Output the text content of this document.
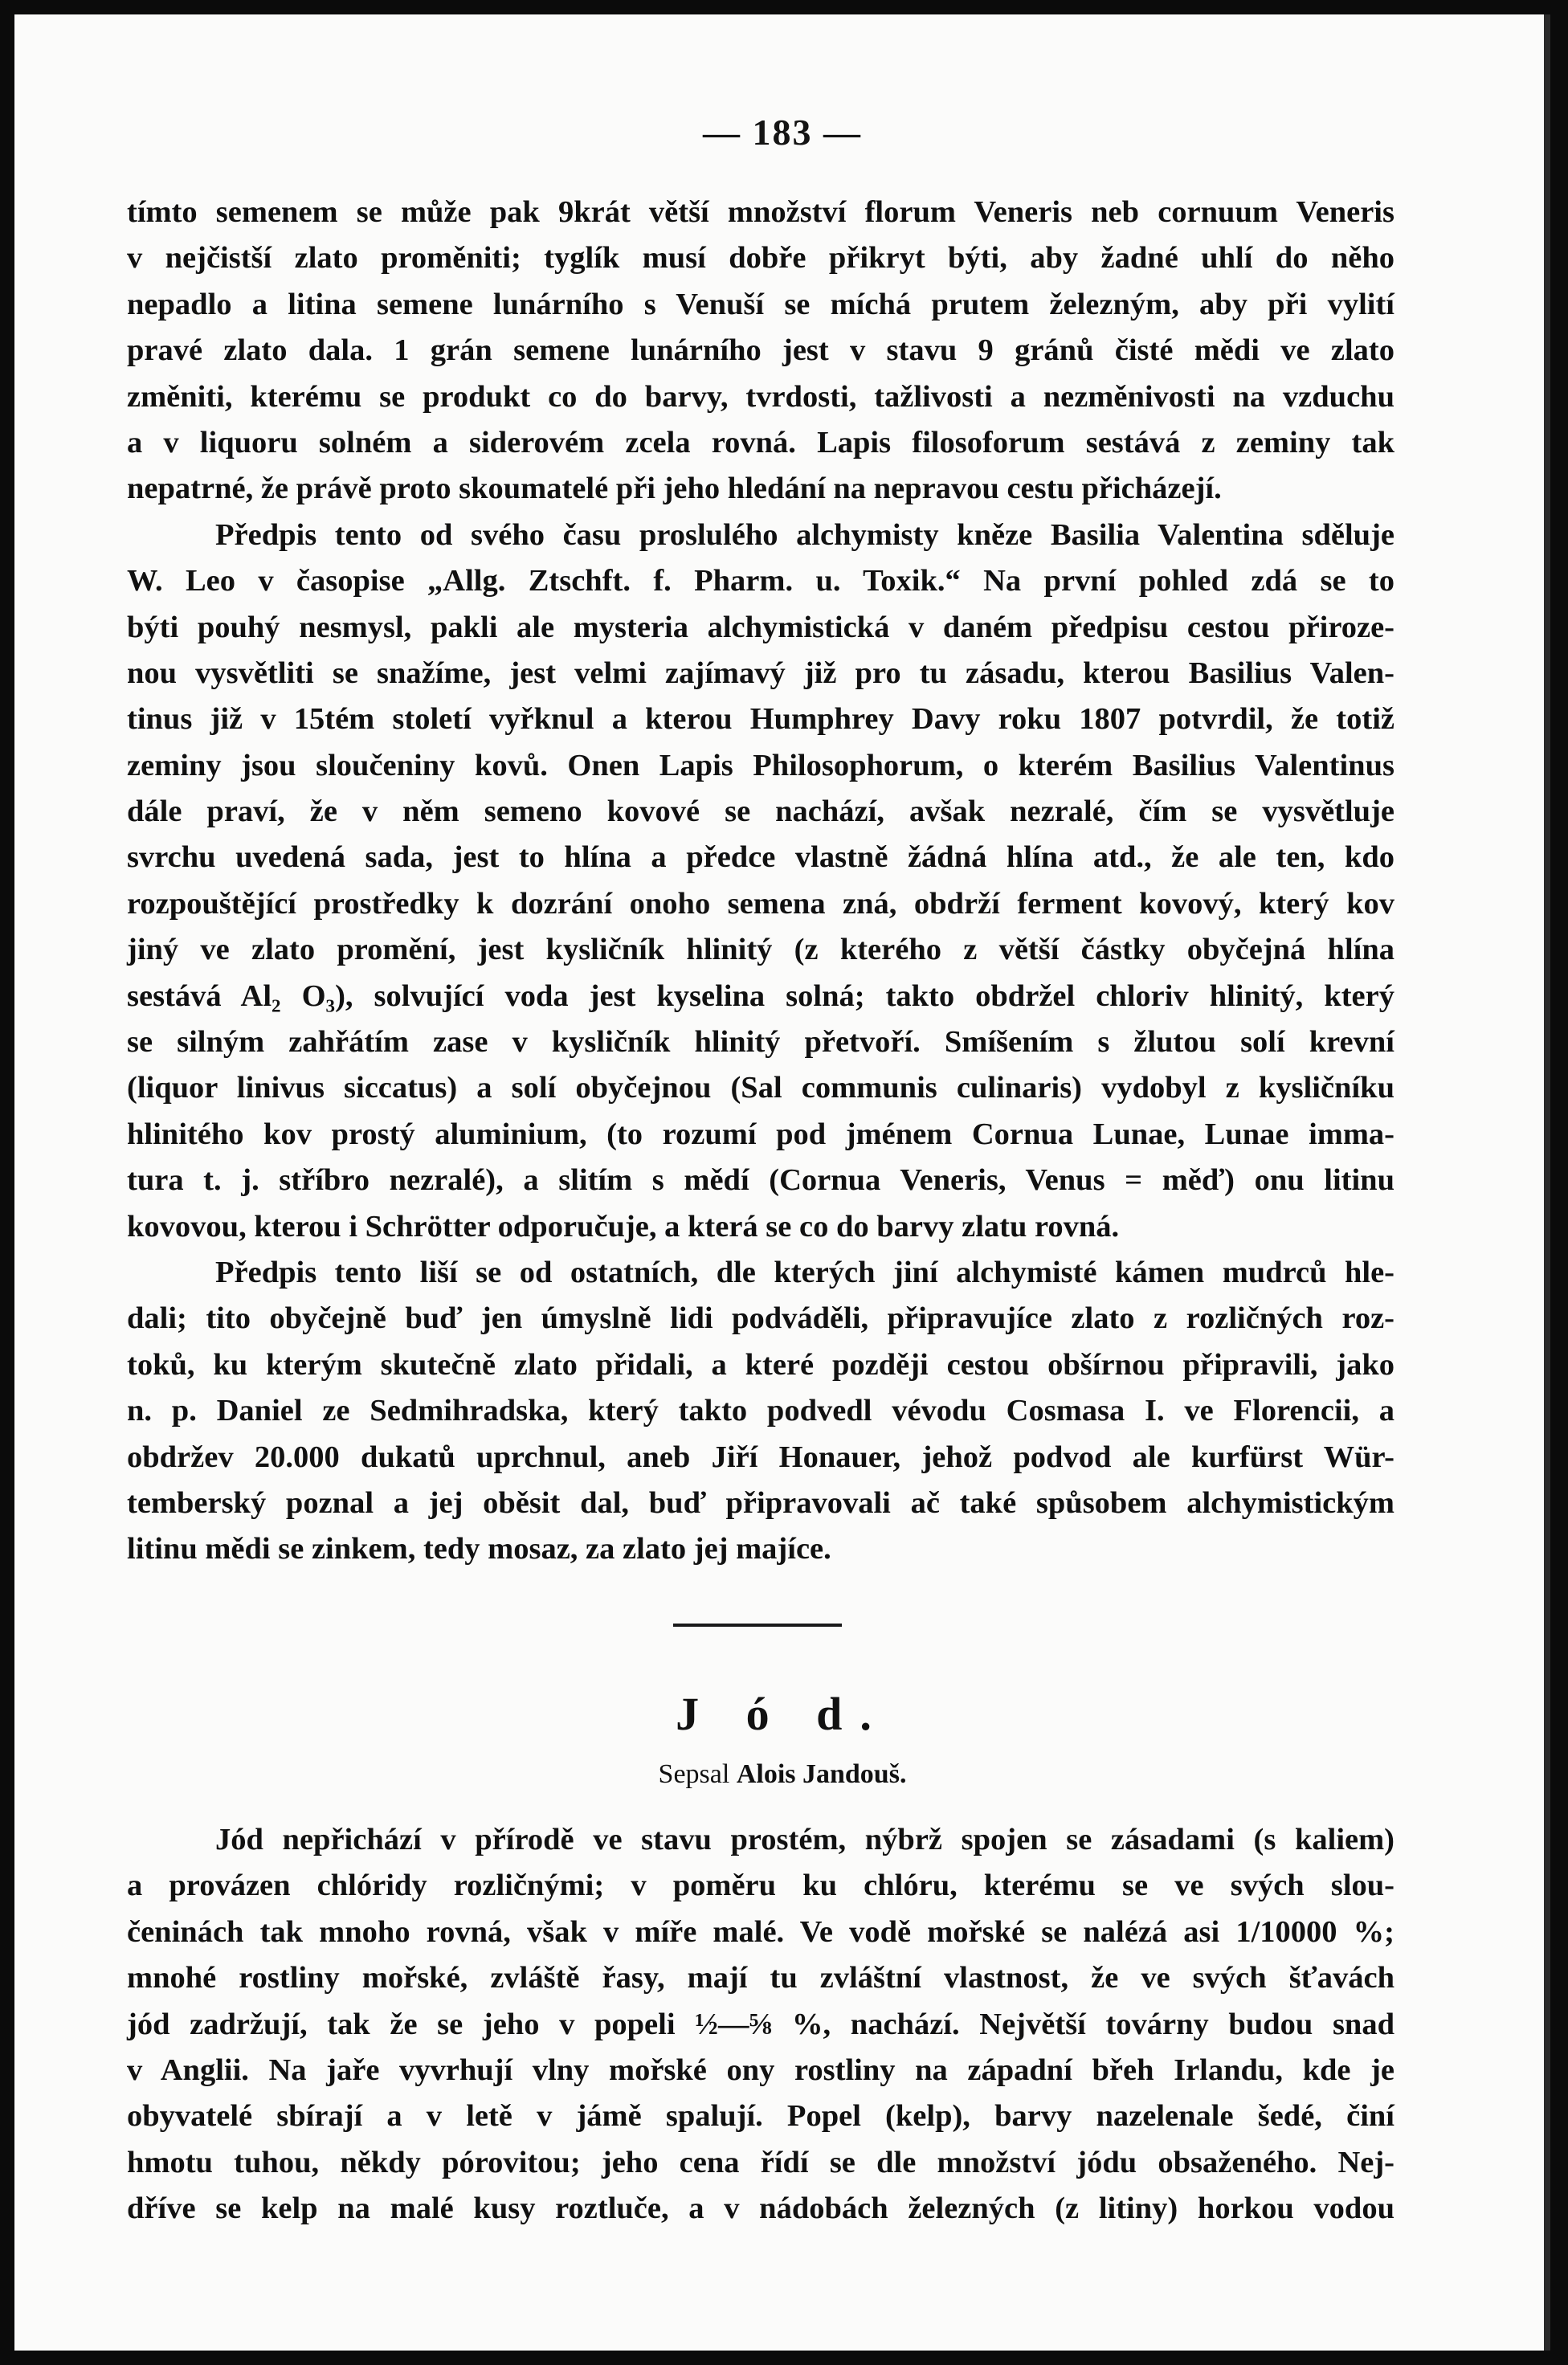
— 183 —
tímto semenem se může pak 9krát větší množství florum Veneris neb cornuum Veneris
v nejčistší zlato proměniti; tyglík musí dobře přikryt býti, aby žadné uhlí do něho
nepadlo a litina semene lunárního s Venuší se míchá prutem železným, aby při vylití
pravé zlato dala. 1 grán semene lunárního jest v stavu 9 gránů čisté mědi ve zlato
změniti, kterému se produkt co do barvy, tvrdosti, tažlivosti a nezměnivosti na vzduchu
a v liquoru solném a siderovém zcela rovná. Lapis filosoforum sestává z zeminy tak
nepatrné, že právě proto skoumatelé při jeho hledání na nepravou cestu přicházejí.
Předpis tento od svého času proslulého alchymisty kněze Basilia Valentina sděluje
W. Leo v časopise „Allg. Ztschft. f. Pharm. u. Toxik.“ Na první pohled zdá se to
býti pouhý nesmysl, pakli ale mysteria alchymistická v daném předpisu cestou přiroze-
nou vysvětliti se snažíme, jest velmi zajímavý již pro tu zásadu, kterou Basilius Valen-
tinus již v 15tém století vyřknul a kterou Humphrey Davy roku 1807 potvrdil, že totiž
zeminy jsou sloučeniny kovů. Onen Lapis Philosophorum, o kterém Basilius Valentinus
dále praví, že v něm semeno kovové se nachází, avšak nezralé, čím se vysvětluje
svrchu uvedená sada, jest to hlína a předce vlastně žádná hlína atd., že ale ten, kdo
rozpouštějící prostředky k dozrání onoho semena zná, obdrží ferment kovový, který kov
jiný ve zlato promění, jest kysličník hlinitý (z kterého z větší částky obyčejná hlína
sestává Al₂ O₃), solvující voda jest kyselina solná; takto obdržel chloriv hlinitý, který
se silným zahřátím zase v kysličník hlinitý přetvoří. Smíšením s žlutou solí krevní
(liquor linivus siccatus) a solí obyčejnou (Sal communis culinaris) vydobyl z kysličníku
hlinitého kov prostý aluminium, (to rozumí pod jménem Cornua Lunae, Lunae imma-
tura t. j. stříbro nezralé), a slitím s mědí (Cornua Veneris, Venus = měď) onu litinu
kovovou, kterou i Schrötter odporučuje, a která se co do barvy zlatu rovná.
Předpis tento liší se od ostatních, dle kterých jiní alchymisté kámen mudrců hle-
dali; tito obyčejně buď jen úmyslně lidi podváděli, připravujíce zlato z rozličných roz-
toků, ku kterým skutečně zlato přidali, a které později cestou obšírnou připravili, jako
n. p. Daniel ze Sedmihradska, který takto podvedl vévodu Cosmasa I. ve Florencii, a
obdržev 20.000 dukatů uprchnul, aneb Jiří Honauer, jehož podvod ale kurfürst Wür-
temberský poznal a jej oběsit dal, buď připravovali ač také spůsobem alchymistickým
litinu mědi se zinkem, tedy mosaz, za zlato jej majíce.
J ó d.
Sepsal Alois Jandouš.
Jód nepřichází v přírodě ve stavu prostém, nýbrž spojen se zásadami (s kaliem)
a provázen chlóridy rozličnými; v poměru ku chlóru, kterému se ve svých slou-
čeninách tak mnoho rovná, však v míře malé. Ve vodě mořské se nalézá asi 1/10000 %;
mnohé rostliny mořské, zvláště řasy, mají tu zvláštní vlastnost, že ve svých šťavách
jód zadržují, tak že se jeho v popeli ½—⅝ %, nachází. Největší továrny budou snad
v Anglii. Na jaře vyvrhují vlny mořské ony rostliny na západní břeh Irlandu, kde je
obyvatelé sbírají a v letě v jámě spalují. Popel (kelp), barvy nazelenale šedé, činí
hmotu tuhou, někdy pórovitou; jeho cena řídí se dle množství jódu obsaženého. Nej-
dříve se kelp na malé kusy roztluče, a v nádobách železných (z litiny) horkou vodou
